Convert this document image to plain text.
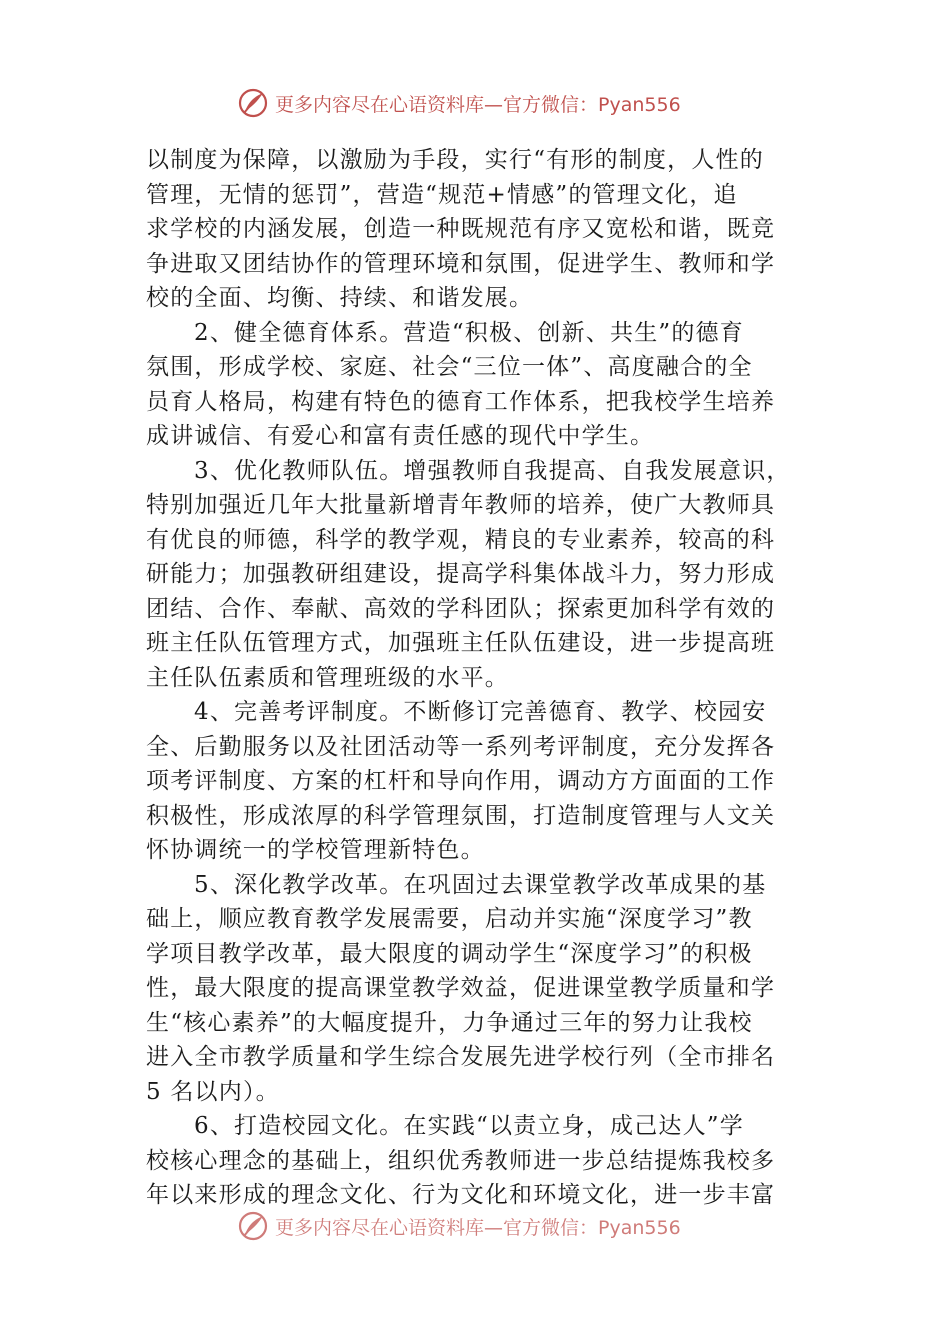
更多内容尽在心语资料库—官方微信：Pyan556

以制度为保障，以激励为手段，实行“有形的制度，人性的
管理，无情的惩罚”，营造“规范+情感”的管理文化，追
求学校的内涵发展，创造一种既规范有序又宽松和谐，既竞
争进取又团结协作的管理环境和氛围，促进学生、教师和学
校的全面、均衡、持续、和谐发展。

2、健全德育体系。营造“积极、创新、共生”的德育
氛围，形成学校、家庭、社会“三位一体”、高度融合的全
员育人格局，构建有特色的德育工作体系，把我校学生培养
成讲诚信、有爱心和富有责任感的现代中学生。

3、优化教师队伍。增强教师自我提高、自我发展意识，
特别加强近几年大批量新增青年教师的培养，使广大教师具
有优良的师德，科学的教学观，精良的专业素养，较高的科
研能力；加强教研组建设，提高学科集体战斗力，努力形成
团结、合作、奉献、高效的学科团队；探索更加科学有效的
班主任队伍管理方式，加强班主任队伍建设，进一步提高班
主任队伍素质和管理班级的水平。

4、完善考评制度。不断修订完善德育、教学、校园安
全、后勤服务以及社团活动等一系列考评制度，充分发挥各
项考评制度、方案的杠杆和导向作用，调动方方面面的工作
积极性，形成浓厚的科学管理氛围，打造制度管理与人文关
怀协调统一的学校管理新特色。

5、深化教学改革。在巩固过去课堂教学改革成果的基
础上，顺应教育教学发展需要，启动并实施“深度学习”教
学项目教学改革，最大限度的调动学生“深度学习”的积极
性，最大限度的提高课堂教学效益，促进课堂教学质量和学
生“核心素养”的大幅度提升，力争通过三年的努力让我校
进入全市教学质量和学生综合发展先进学校行列（全市排名
5 名以内）。

6、打造校园文化。在实践“以责立身，成己达人”学
校核心理念的基础上，组织优秀教师进一步总结提炼我校多
年以来形成的理念文化、行为文化和环境文化，进一步丰富

更多内容尽在心语资料库—官方微信：Pyan556
